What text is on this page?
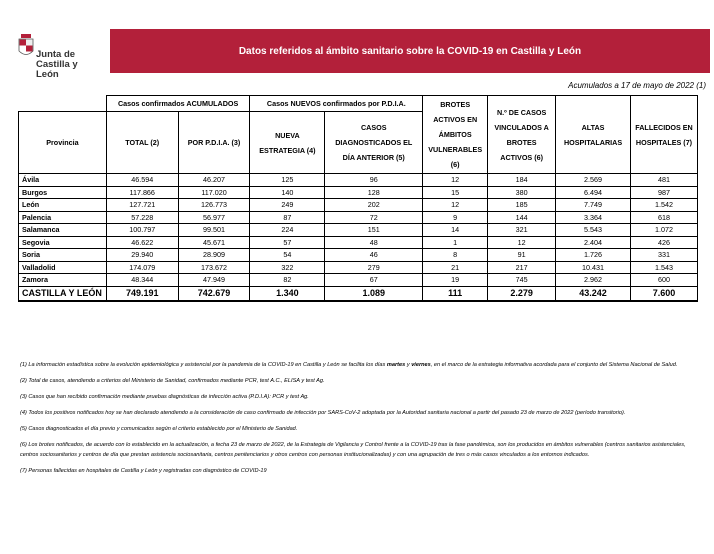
Junta de
Castilla y León
Datos referidos al ámbito sanitario sobre la COVID-19 en Castilla y León
Acumulados a 17 de mayo de 2022 (1)
	Casos confirmados ACUMULADOS		Casos NUEVOS confirmados por P.D.I.A.		BROTES ACTIVOS EN ÁMBITOS VULNERABLES (6)	N.º DE CASOS VINCULADOS A BROTES ACTIVOS (6)	ALTAS HOSPITALARIAS	FALLECIDOS EN HOSPITALES (7)
Provincia	TOTAL (2)	POR P.D.I.A. (3)	NUEVA ESTRATEGIA (4)	CASOS DIAGNOSTICADOS EL DÍA ANTERIOR (5)				
Ávila	46.594	46.207	125	96	12	184	2.569	481
Burgos	117.866	117.020	140	128	15	380	6.494	987
León	127.721	126.773	249	202	12	185	7.749	1.542
Palencia	57.228	56.977	87	72	9	144	3.364	618
Salamanca	100.797	99.501	224	151	14	321	5.543	1.072
Segovia	46.622	45.671	57	48	1	12	2.404	426
Soria	29.940	28.909	54	46	8	91	1.726	331
Valladolid	174.079	173.672	322	279	21	217	10.431	1.543
Zamora	48.344	47.949	82	67	19	745	2.962	600
CASTILLA Y LEÓN	749.191	742.679	1.340	1.089	111	2.279	43.242	7.600

(1) La información estadística sobre la evolución epidemiológica y asistencial por la pandemia de la COVID-19 en Castilla y León se facilita los días martes y viernes, en el marco de la estrategia informativa acordada para el conjunto del Sistema Nacional de Salud.

(2) Total de casos, atendiendo a criterios del Ministerio de Sanidad, confirmados mediante PCR, test A.C., ELISA y test Ag.

(3) Casos que han recibido confirmación mediante pruebas diagnósticas de infección activa (P.D.I.A): PCR y test Ag.

(4) Todos los positivos notificados hoy se han declarado atendiendo a la consideración de caso confirmado de infección por SARS-CoV-2 adoptada por la Autoridad sanitaria nacional a partir del pasado 23 de marzo de 2022 (período transitorio).

(5) Casos diagnosticados el día previo y comunicados según el criterio establecido por el Ministerio de Sanidad.

(6) Los brotes notificados, de acuerdo con lo establecido en la actualización, a fecha 23 de marzo de 2022, de la Estrategia de Vigilancia y Control frente a la COVID-19 tras la fase pandémica, son los producidos en ámbitos vulnerables (centros sanitarios asistenciales, centros sociosanitarios y centros de día que prestan asistencia sociosanitaria, centros penitenciarios y otros centros con personas institucionalizadas) y con una agrupación de tres o más casos vinculados a los entornos indicados.

(7) Personas fallecidas en hospitales de Castilla y León y registradas con diagnóstico de COVID-19
